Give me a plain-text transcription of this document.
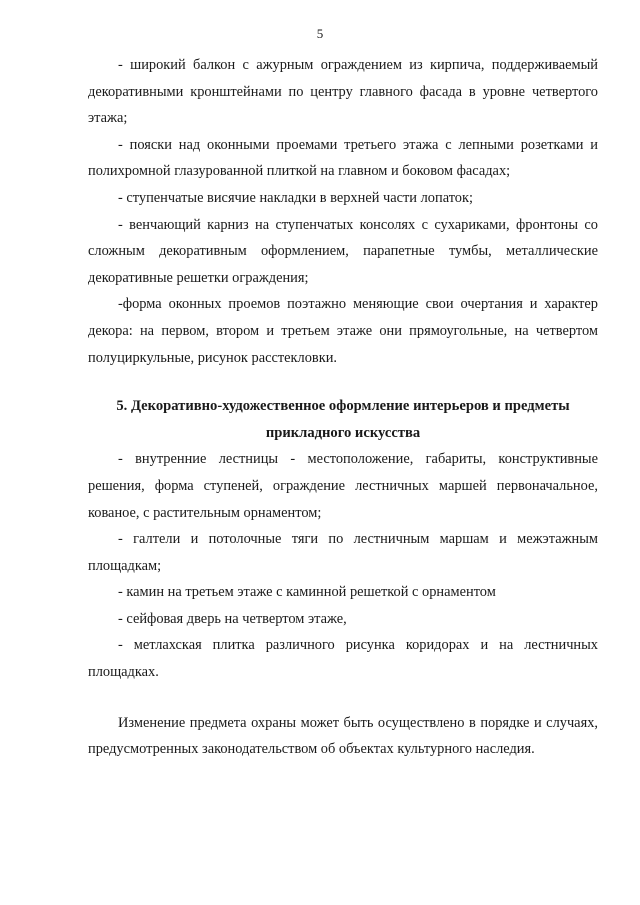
5

- широкий балкон с ажурным ограждением из кирпича, поддерживаемый декоративными кронштейнами по центру главного фасада в уровне четвертого этажа;

- пояски над оконными проемами третьего этажа с лепными розетками и полихромной глазурованной плиткой на главном и боковом фасадах;

- ступенчатые висячие накладки в верхней части лопаток;

- венчающий карниз на ступенчатых консолях с сухариками, фронтоны со сложным декоративным оформлением, парапетные тумбы, металлические декоративные решетки ограждения;

-форма оконных проемов поэтажно меняющие свои очертания и характер декора: на первом, втором и третьем этаже они прямоугольные, на четвертом полуциркульные, рисунок расстекловки.

5. Декоративно-художественное оформление интерьеров и предметы
прикладного искусства

- внутренние лестницы - местоположение, габариты, конструктивные решения, форма ступеней, ограждение лестничных маршей первоначальное, кованое, с растительным орнаментом;

- галтели и потолочные тяги по лестничным маршам и межэтажным площадкам;

- камин на третьем этаже с каминной решеткой с орнаментом

- сейфовая дверь на четвертом этаже,

- метлахская плитка различного рисунка коридорах и на лестничных площадках.

Изменение предмета охраны может быть осуществлено в порядке и случаях, предусмотренных законодательством об объектах культурного наследия.
